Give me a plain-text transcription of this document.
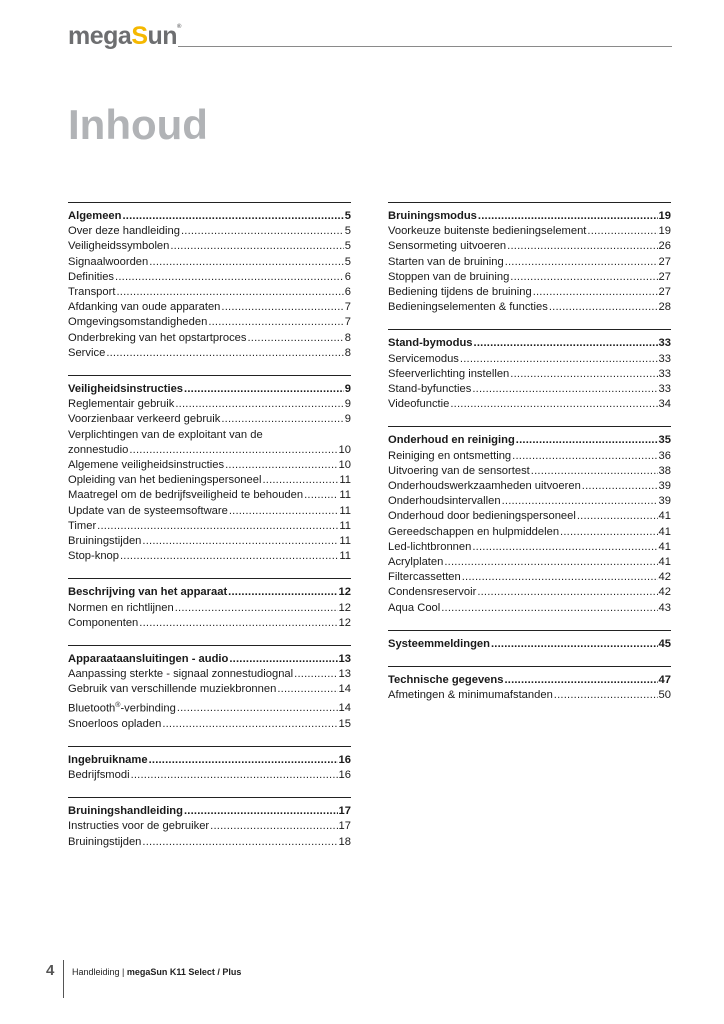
megaSun®
Inhoud
Algemeen .....	5
Over deze handleiding .....	5
Veiligheidssymbolen .....	5
Signaalwoorden .....	5
Definities .....	6
Transport .....	6
Afdanking van oude apparaten .....	7
Omgevingsomstandigheden .....	7
Onderbreking van het opstartproces .....	8
Service .....	8
Veiligheidsinstructies .....	9
Reglementair gebruik .....	9
Voorzienbaar verkeerd gebruik .....	9
Verplichtingen van de exploitant van de
zonnestudio .....	10
Algemene veiligheidsinstructies .....	10
Opleiding van het bedieningspersoneel .....	11
Maatregel om de bedrijfsveiligheid te behouden .....	11
Update van de systeemsoftware .....	11
Timer .....	11
Bruiningstijden .....	11
Stop-knop .....	11
Beschrijving van het apparaat .....	12
Normen en richtlijnen .....	12
Componenten .....	12
Apparaataansluitingen - audio .....	13
Aanpassing sterkte - signaal zonnestudiognal .....	13
Gebruik van verschillende muziekbronnen .....	14
Bluetooth®-verbinding .....	14
Snoerloos opladen .....	15
Ingebruikname .....	16
Bedrijfsmodi .....	16
Bruiningshandleiding .....	17
Instructies voor de gebruiker .....	17
Bruiningstijden .....	18
Bruiningsmodus .....	19
Voorkeuze buitenste bedieningselement .....	19
Sensormeting uitvoeren .....	26
Starten van de bruining .....	27
Stoppen van de bruining .....	27
Bediening tijdens de bruining .....	27
Bedieningselementen & functies .....	28
Stand-bymodus .....	33
Servicemodus .....	33
Sfeerverlichting instellen .....	33
Stand-byfuncties .....	33
Videofunctie .....	34
Onderhoud en reiniging .....	35
Reiniging en ontsmetting .....	36
Uitvoering van de sensortest .....	38
Onderhoudswerkzaamheden uitvoeren .....	39
Onderhoudsintervallen .....	39
Onderhoud door bedieningspersoneel .....	41
Gereedschappen en hulpmiddelen .....	41
Led-lichtbronnen .....	41
Acrylplaten .....	41
Filtercassetten .....	42
Condensreservoir .....	42
Aqua Cool .....	43
Systeemmeldingen .....	45
Technische gegevens .....	47
Afmetingen & minimumafstanden .....	50
4 Handleiding | megaSun K11 Select / Plus
